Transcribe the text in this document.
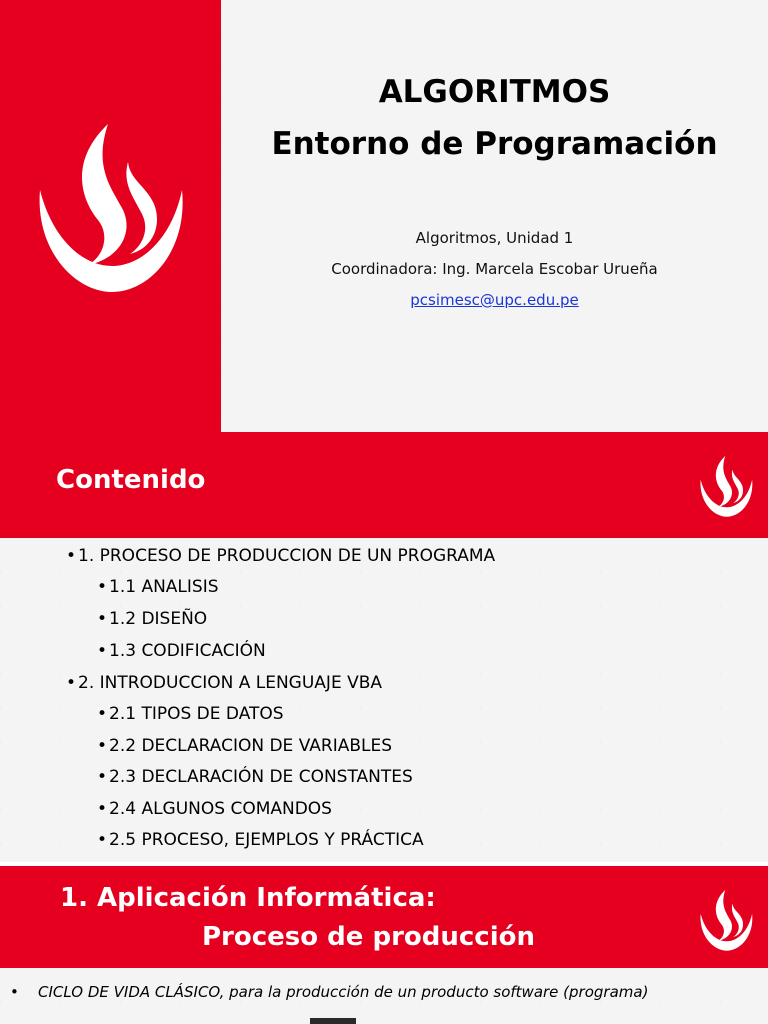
ALGORITMOS
Entorno de Programación
Algoritmos, Unidad 1
Coordinadora: Ing. Marcela Escobar Urueña
pcsimesc@upc.edu.pe
Contenido
• 1. PROCESO DE PRODUCCION DE UN PROGRAMA
• 1.1 ANALISIS
• 1.2 DISEÑO
• 1.3 CODIFICACIÓN
• 2. INTRODUCCION A LENGUAJE VBA
• 2.1 TIPOS DE DATOS
• 2.2 DECLARACION DE VARIABLES
• 2.3 DECLARACIÓN DE CONSTANTES
• 2.4 ALGUNOS COMANDOS
• 2.5 PROCESO, EJEMPLOS Y PRÁCTICA
1. Aplicación Informática:
Proceso de producción
• CICLO DE VIDA CLÁSICO, para la producción de un producto software (programa)
